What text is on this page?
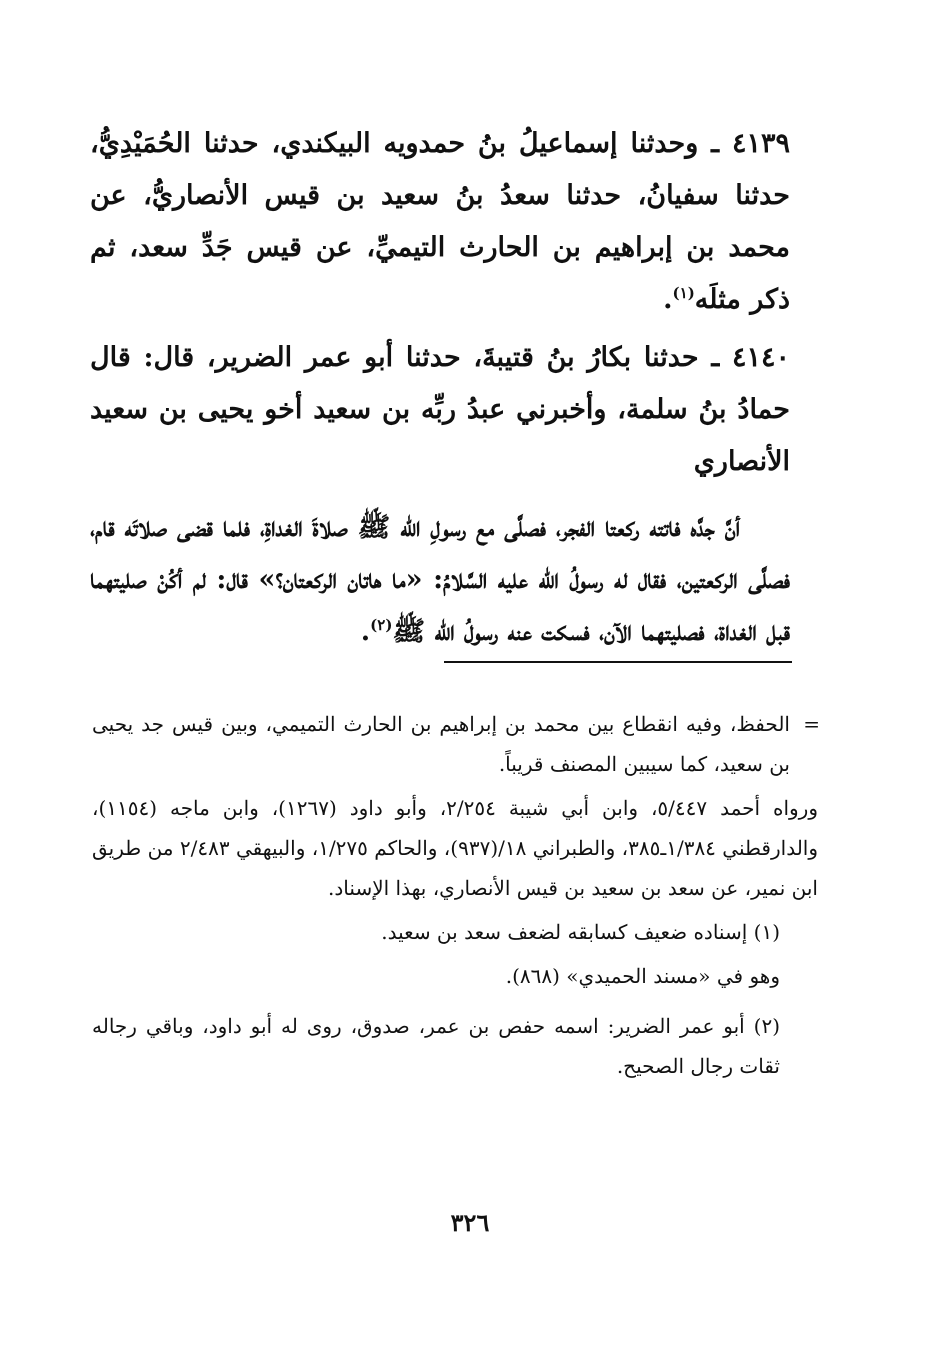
٤١٣٩ ـ وحدثنا إسماعيلُ بنُ حمدويه البيكندي، حدثنا الحُمَيْدِيُّ، حدثنا سفيانُ، حدثنا سعدُ بنُ سعيد بن قيس الأنصاريُّ، عن محمد بن إبراهيم بن الحارث التيميِّ، عن قيس جَدِّ سعد، ثم ذكر مثلَه$^{(١)}$.

٤١٤٠ ـ حدثنا بكارُ بنُ قتيبةَ، حدثنا أبو عمر الضرير، قال: قال حمادُ بنُ سلمة، وأخبرني عبدُ ربِّه بن سعيد أخو يحيى بن سعيد الأنصاري

أنَّ جدَّه فاتته ركعتا الفجر، فصلَّى مع رسولِ الله ﷺ صلاةَ الغداةِ، فلما قضى صلاتَه قام، فصلَّى الركعتين، فقال له رسولُ الله عليه السَّلامُ: «ما هاتان الركعتان؟» قال: لم أكُنْ صليتهما قبل الغداة، فصليتهما الآن، فسكت عنه رسولُ الله ﷺ$^{(٢)}$.

=
الحفظ، وفيه انقطاع بين محمد بن إبراهيم بن الحارث التميمي، وبين قيس جد يحيى بن سعيد، كما سيبين المصنف قريباً.

ورواه أحمد ٥/٤٤٧، وابن أبي شيبة ٢/٢٥٤، وأبو داود (١٢٦٧)، وابن ماجه (١١٥٤)، والدارقطني ١/٣٨٤ـ٣٨٥، والطبراني ١٨/(٩٣٧)، والحاكم ١/٢٧٥، والبيهقي ٢/٤٨٣ من طريق ابن نمير، عن سعد بن سعيد بن قيس الأنصاري، بهذا الإسناد.

(١) إسناده ضعيف كسابقه لضعف سعد بن سعيد.

وهو في «مسند الحميدي» (٨٦٨).

(٢) أبو عمر الضرير: اسمه حفص بن عمر، صدوق، روى له أبو داود، وباقي رجاله ثقات رجال الصحيح.

٣٢٦
